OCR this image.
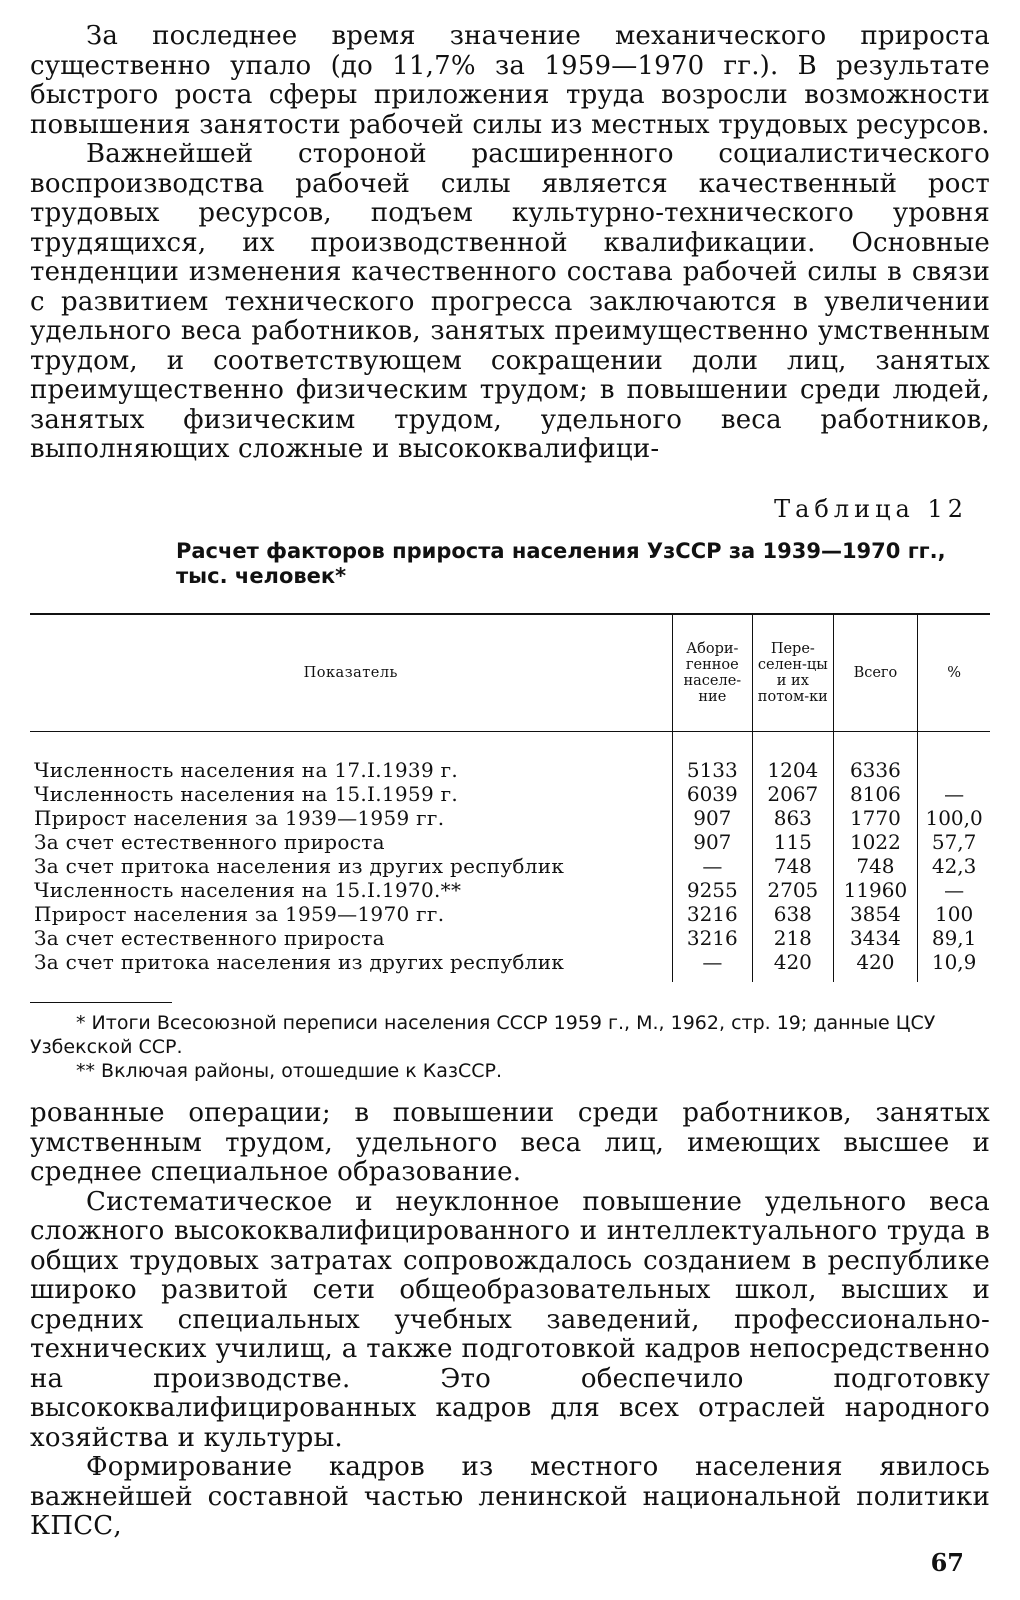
За последнее время значение механического прироста существенно упало (до 11,7% за 1959—1970 гг.). В результате быстрого роста сферы приложения труда возросли возможности повышения занятости рабочей силы из местных трудовых ресурсов.

Важнейшей стороной расширенного социалистического воспроизводства рабочей силы является качественный рост трудовых ресурсов, подъем культурно-технического уровня трудящихся, их производственной квалификации. Основные тенденции изменения качественного состава рабочей силы в связи с развитием технического прогресса заключаются в увеличении удельного веса работников, занятых преимущественно умственным трудом, и соответствующем сокращении доли лиц, занятых преимущественно физическим трудом; в повышении среди людей, занятых физическим трудом, удельного веса работников, выполняющих сложные и высококвалифици-

Таблица 12
Расчет факторов прироста населения УзССР за 1939—1970 гг., тыс. человек*
Показатель	Абори-генное населе-ние	Пере-селен-цы и их потом-ки	Всего	%
Численность населения на 17.I.1939 г.	5133	1204	6336	
Численность населения на 15.I.1959 г.	6039	2067	8106	—
Прирост населения за 1939—1959 гг.	907	863	1770	100,0
За счет естественного прироста	907	115	1022	57,7
За счет притока населения из других республик	—	748	748	42,3
Численность населения на 15.I.1970.**	9255	2705	11960	—
Прирост населения за 1959—1970 гг.	3216	638	3854	100
За счет естественного прироста	3216	218	3434	89,1
За счет притока населения из других республик	—	420	420	10,9

* Итоги Всесоюзной переписи населения СССР 1959 г., М., 1962, стр. 19; данные ЦСУ Узбекской ССР.

** Включая районы, отошедшие к КазССР.

рованные операции; в повышении среди работников, занятых умственным трудом, удельного веса лиц, имеющих высшее и среднее специальное образование.

Систематическое и неуклонное повышение удельного веса сложного высококвалифицированного и интеллектуального труда в общих трудовых затратах сопровождалось созданием в республике широко развитой сети общеобразовательных школ, высших и средних специальных учебных заведений, профессионально-технических училищ, а также подготовкой кадров непосредственно на производстве. Это обеспечило подготовку высококвалифицированных кадров для всех отраслей народного хозяйства и культуры.

Формирование кадров из местного населения явилось важнейшей составной частью ленинской национальной политики КПСС,

67
